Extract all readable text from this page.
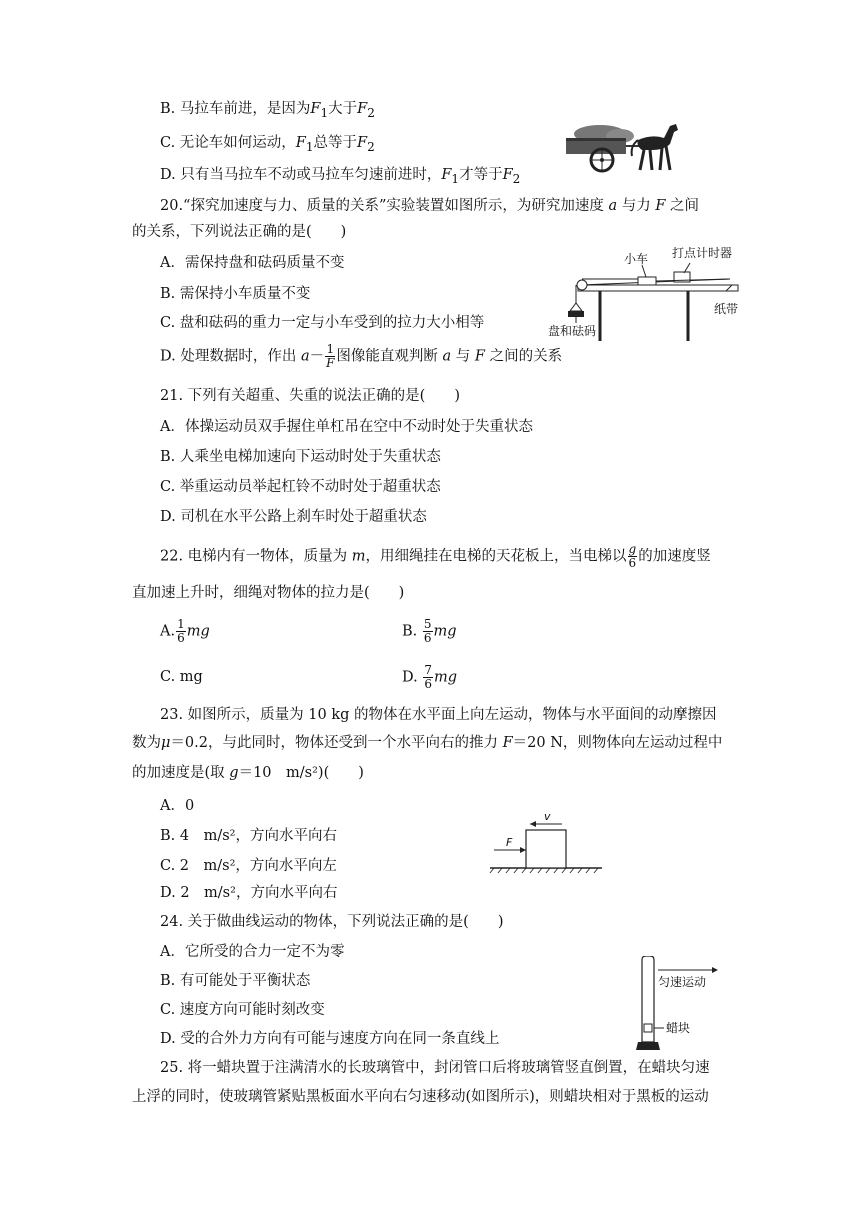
B. 马拉车前进，是因为$F_1$大于$F_2$
C. 无论车如何运动，$F_1$总等于$F_2$
D. 只有当马拉车不动或马拉车匀速前进时，$F_1$才等于$F_2$
20.“探究加速度与力、质量的关系”实验装置如图所示，为研究加速度 a 与力 F 之间
的关系，下列说法正确的是(　　)
A．需保持盘和砝码质量不变
B. 需保持小车质量不变
C. 盘和砝码的重力一定与小车受到的拉力大小相等
D. 处理数据时，作出 $a- \frac{1}{F}$ 图像能直观判断 a 与 F 之间的关系
小车 打点计时器
纸带
盘和砝码
21. 下列有关超重、失重的说法正确的是(　　)
A．体操运动员双手握住单杠吊在空中不动时处于失重状态
B. 人乘坐电梯加速向下运动时处于失重状态
C. 举重运动员举起杠铃不动时处于超重状态
D. 司机在水平公路上刹车时处于超重状态
22. 电梯内有一物体，质量为 m，用细绳挂在电梯的天花板上，当电梯以 $\frac{g}{6}$ 的加速度竖
直加速上升时，细绳对物体的拉力是(　　)
A. $\frac{1}{6}$ mg	B. $\frac{5}{6}$ mg
C. mg	D. $\frac{7}{6}$ mg
23. 如图所示，质量为 10 kg 的物体在水平面上向左运动，物体与水平面间的动摩擦因
数为μ＝0.2，与此同时，物体还受到一个水平向右的推力 F＝20 N，则物体向左运动过程中
的加速度是(取 g＝10　m/s²)(　　)
A．0
B. 4　m/s²，方向水平向右
C. 2　m/s²，方向水平向左
D. 2　m/s²，方向水平向右
F
v
24. 关于做曲线运动的物体，下列说法正确的是(　　)
A．它所受的合力一定不为零
B. 有可能处于平衡状态
C. 速度方向可能时刻改变
D. 受的合外力方向有可能与速度方向在同一条直线上
匀速运动
蜡块
25. 将一蜡块置于注满清水的长玻璃管中，封闭管口后将玻璃管竖直倒置，在蜡块匀速
上浮的同时，使玻璃管紧贴黑板面水平向右匀速移动(如图所示)，则蜡块相对于黑板的运动
